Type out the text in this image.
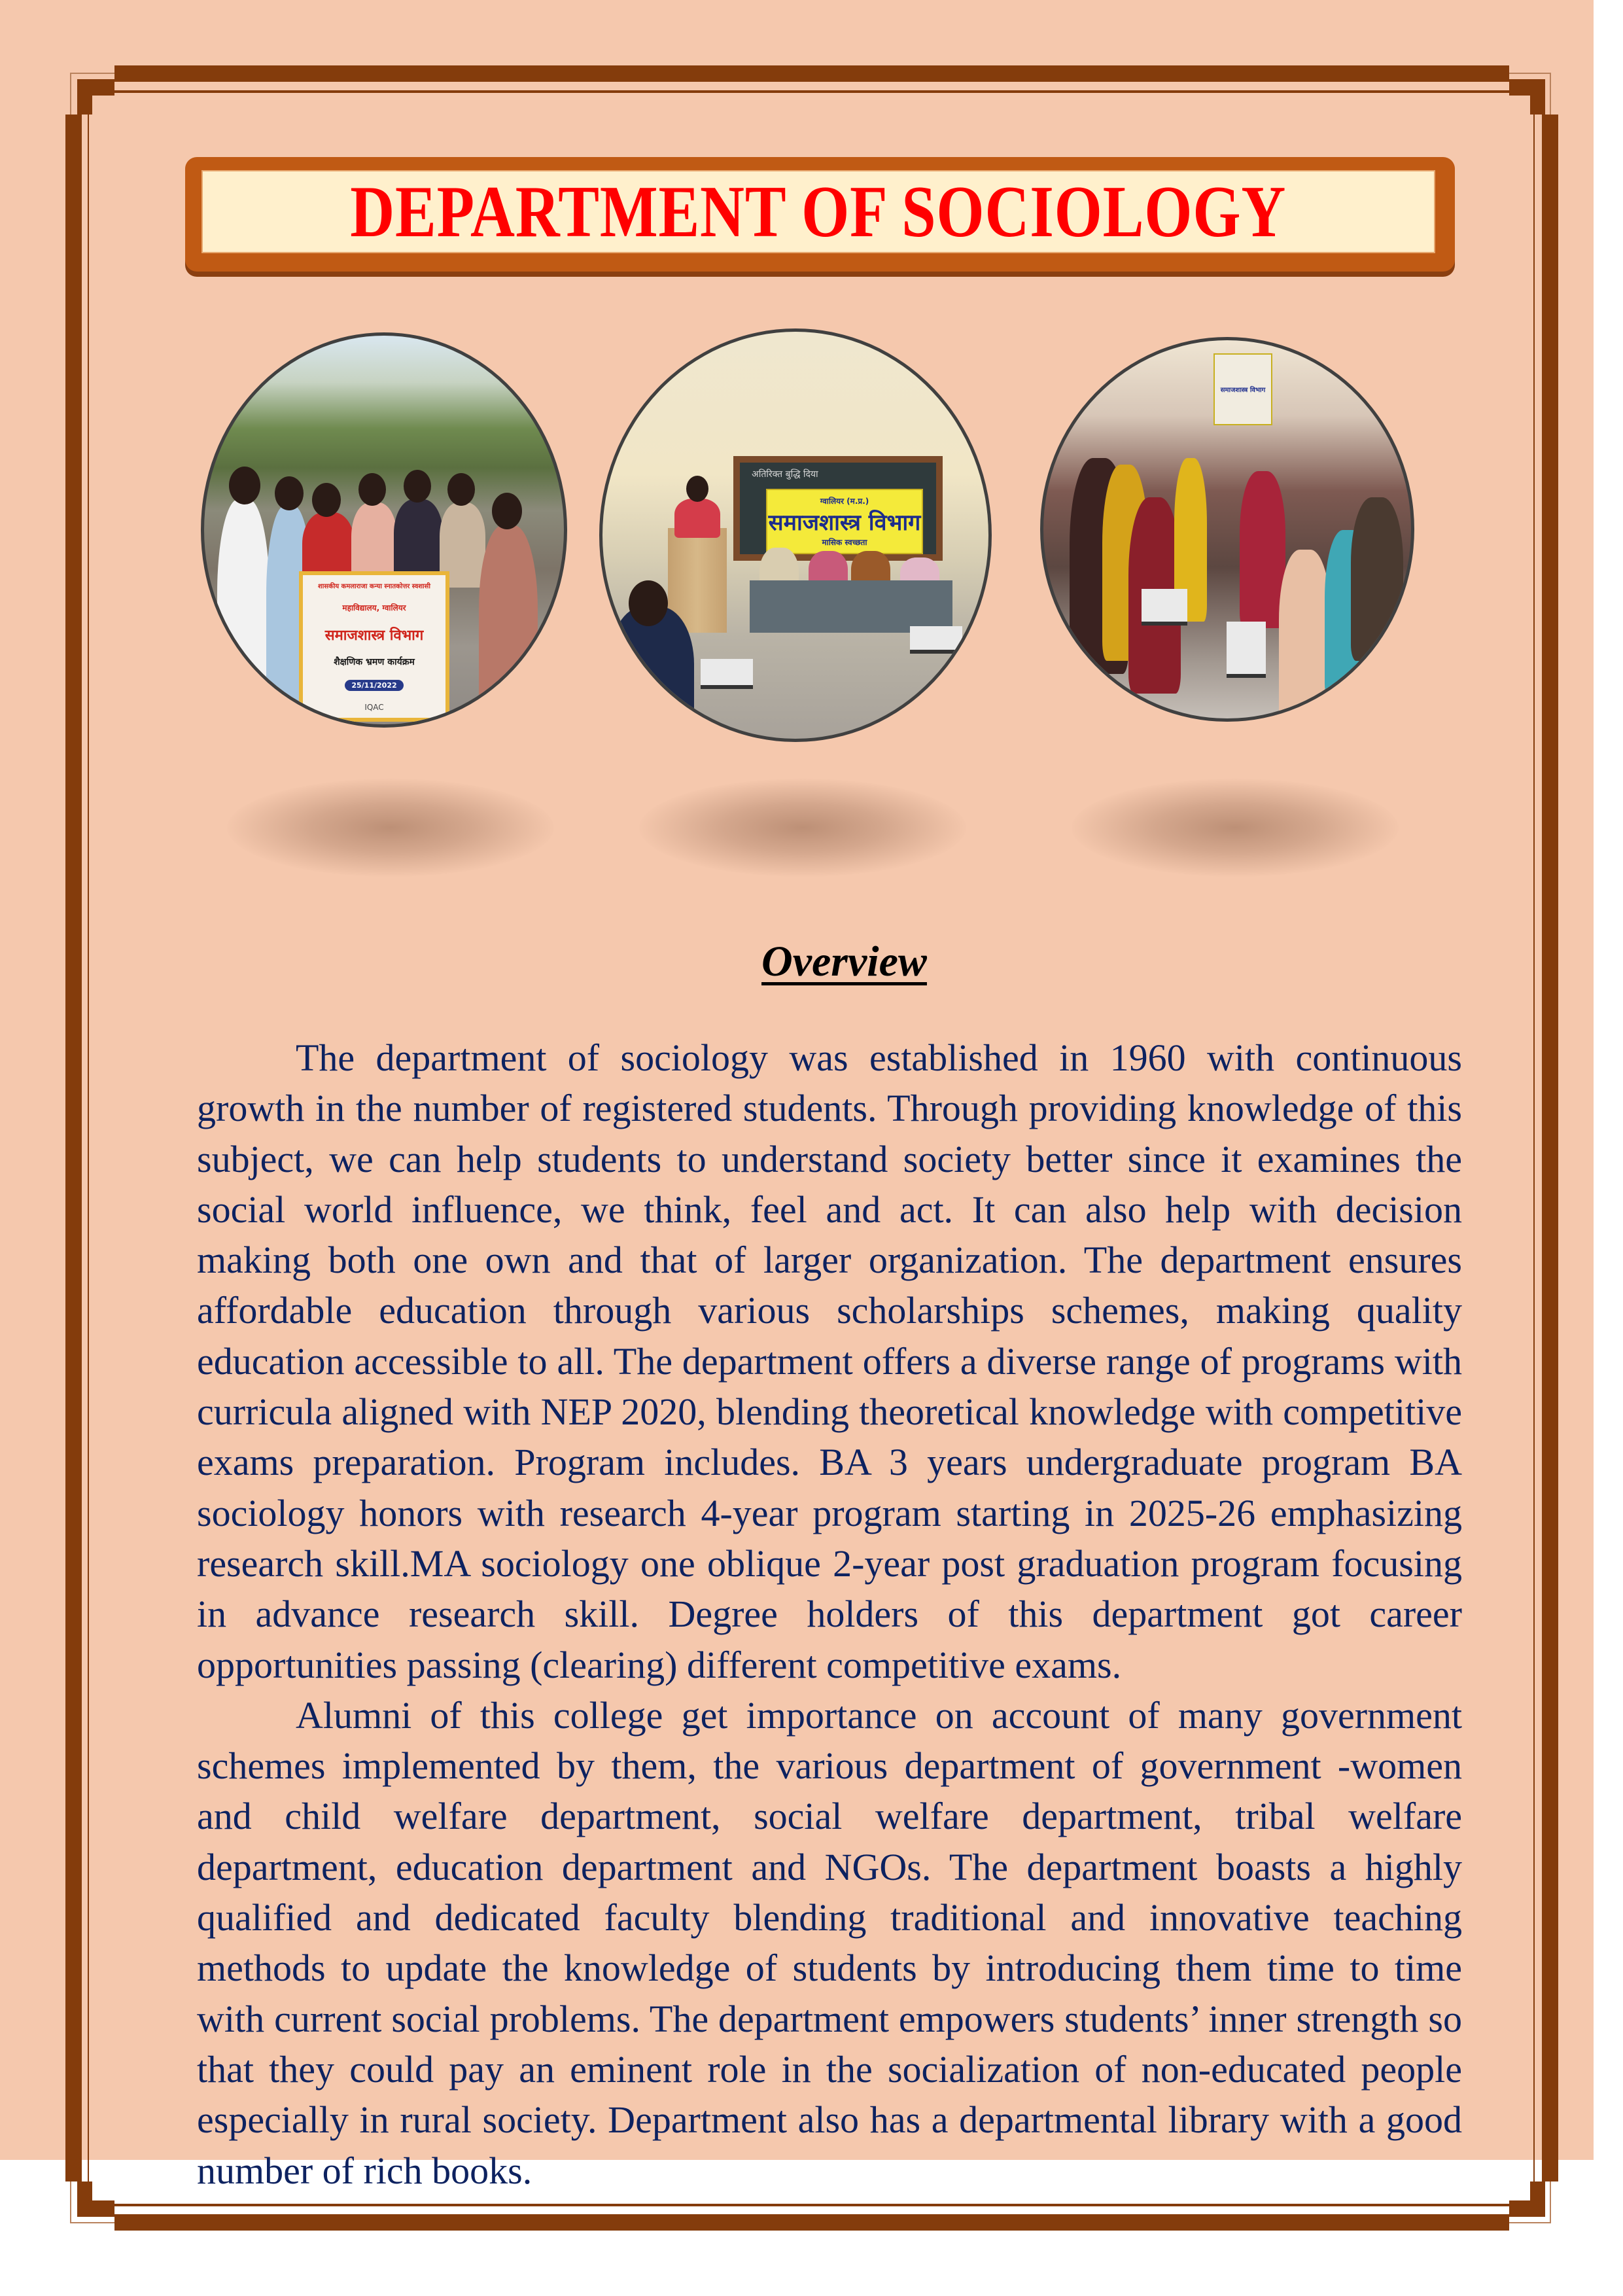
DEPARTMENT OF SOCIOLOGY
शासकीय कमलाराजा कन्या स्नातकोत्तर स्वशासी
महाविद्यालय, ग्वालियर
समाजशास्त्र विभाग
शैक्षणिक भ्रमण कार्यक्रम
25/11/2022
IQAC
अतिरिक्त बुद्धि दिया
ग्वालियर (म.प्र.)
समाजशास्त्र विभाग
मासिक स्वच्छता
समाजशास्त्र विभाग
Overview

The department of sociology was established in 1960 with continuous growth in the number of registered students. Through providing knowledge of this subject, we can help students to understand society better since it examines the social world influence, we think, feel and act. It can also help with decision making both one own and that of larger organization. The department ensures affordable education through various scholarships schemes, making quality education accessible to all. The department offers a diverse range of programs with curricula aligned with NEP 2020, blending theoretical knowledge with competitive exams preparation. Program includes. BA 3 years undergraduate program BA sociology honors with research 4-year program starting in 2025-26 emphasizing research skill.MA sociology one oblique 2-year post graduation program focusing in advance research skill. Degree holders of this department got career opportunities passing (clearing) different competitive exams.

Alumni of this college get importance on account of many government schemes implemented by them, the various department of government -women and child welfare department, social welfare department, tribal welfare department, education department and NGOs. The department boasts a highly qualified and dedicated faculty blending traditional and innovative teaching methods to update the knowledge of students by introducing them time to time with current social problems. The department empowers students’ inner strength so that they could pay an eminent role in the socialization of non-educated people especially in rural society. Department also has a departmental library with a good number of rich books.
